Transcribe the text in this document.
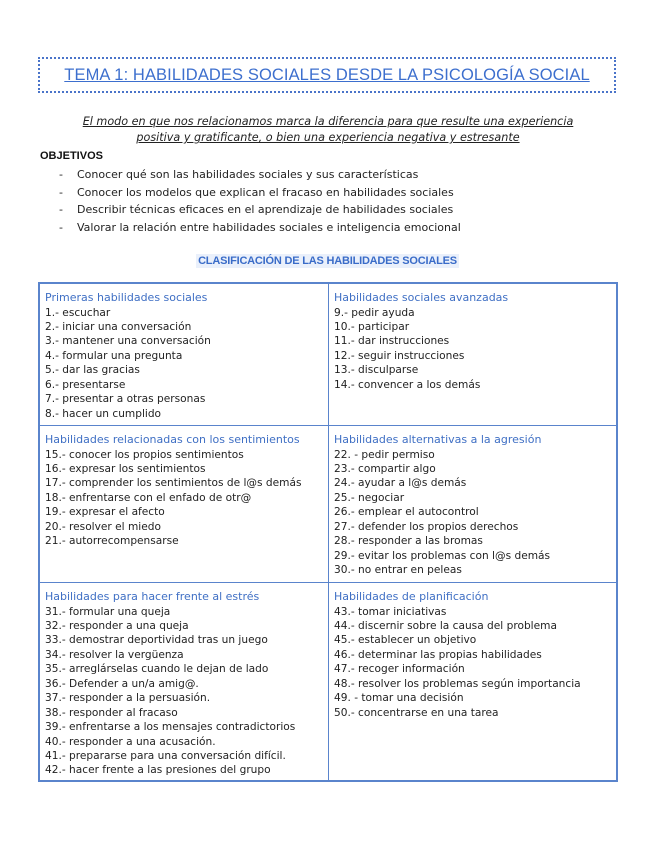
TEMA 1: HABILIDADES SOCIALES DESDE LA PSICOLOGÍA SOCIAL
El modo en que nos relacionamos marca la diferencia para que resulte una experiencia positiva y gratificante, o bien una experiencia negativa y estresante
OBJETIVOS
- Conocer qué son las habilidades sociales y sus características
- Conocer los modelos que explican el fracaso en habilidades sociales
- Describir técnicas eficaces en el aprendizaje de habilidades sociales
- Valorar la relación entre habilidades sociales e inteligencia emocional
CLASIFICACIÓN DE LAS HABILIDADES SOCIALES
Primeras habilidades sociales
1.- escuchar
2.- iniciar una conversación
3.- mantener una conversación
4.- formular una pregunta
5.- dar las gracias
6.- presentarse
7.- presentar a otras personas
8.- hacer un cumplido
Habilidades sociales avanzadas
9.- pedir ayuda
10.- participar
11.- dar instrucciones
12.- seguir instrucciones
13.- disculparse
14.- convencer a los demás
Habilidades relacionadas con los sentimientos
15.- conocer los propios sentimientos
16.- expresar los sentimientos
17.- comprender los sentimientos de l@s demás
18.- enfrentarse con el enfado de otr@
19.- expresar el afecto
20.- resolver el miedo
21.- autorrecompensarse
Habilidades alternativas a la agresión
22. - pedir permiso
23.- compartir algo
24.- ayudar a l@s demás
25.- negociar
26.- emplear el autocontrol
27.- defender los propios derechos
28.- responder a las bromas
29.- evitar los problemas con l@s demás
30.- no entrar en peleas
Habilidades para hacer frente al estrés
31.- formular una queja
32.- responder a una queja
33.- demostrar deportividad tras un juego
34.- resolver la vergüenza
35.- arreglárselas cuando le dejan de lado
36.- Defender a un/a amig@.
37.- responder a la persuasión.
38.- responder al fracaso
39.- enfrentarse a los mensajes contradictorios
40.- responder a una acusación.
41.- prepararse para una conversación difícil.
42.- hacer frente a las presiones del grupo
Habilidades de planificación
43.- tomar iniciativas
44.- discernir sobre la causa del problema
45.- establecer un objetivo
46.- determinar las propias habilidades
47.- recoger información
48.- resolver los problemas según importancia
49. - tomar una decisión
50.- concentrarse en una tarea
